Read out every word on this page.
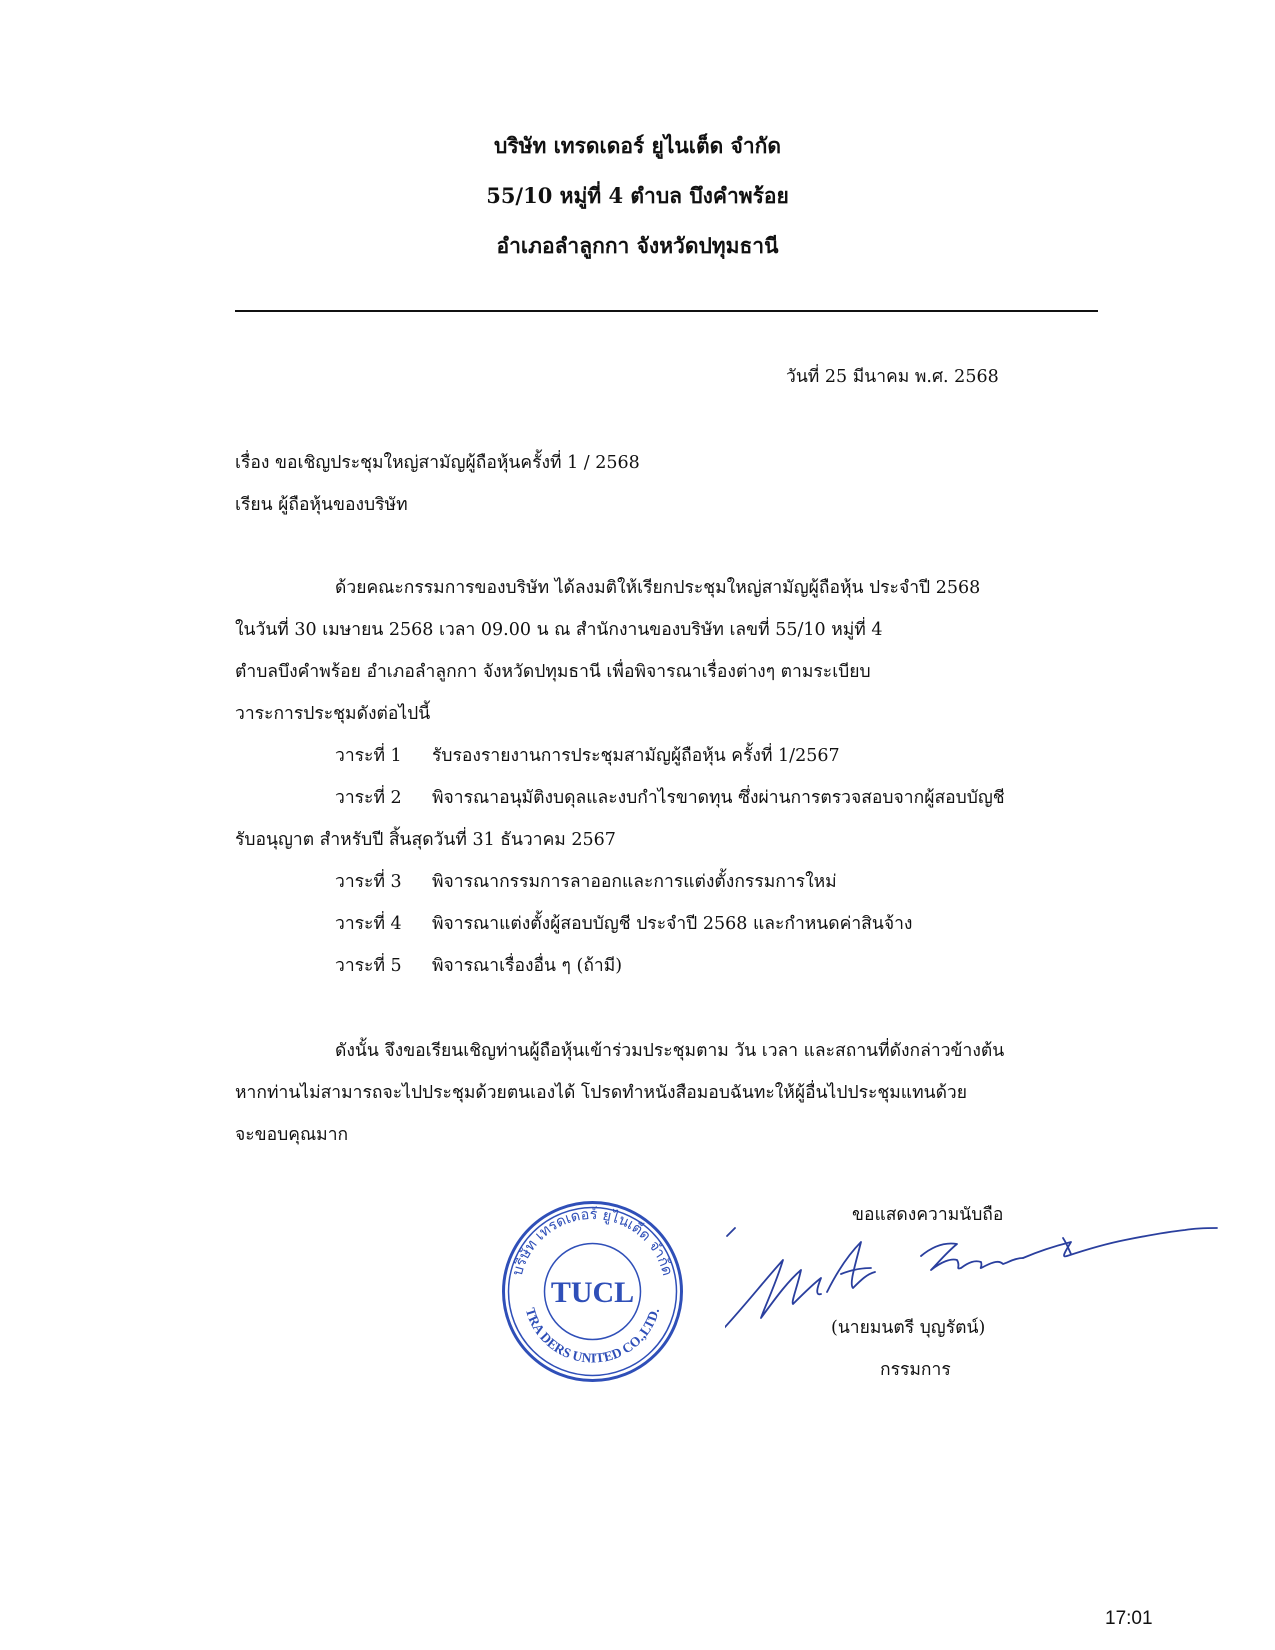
บริษัท เทรดเดอร์ ยูไนเต็ด จำกัด
55/10 หมู่ที่ 4 ตำบล บึงคำพร้อย
อำเภอลำลูกกา จังหวัดปทุมธานี
วันที่ 25 มีนาคม พ.ศ. 2568
เรื่อง ขอเชิญประชุมใหญ่สามัญผู้ถือหุ้นครั้งที่ 1 / 2568
เรียน ผู้ถือหุ้นของบริษัท
ด้วยคณะกรรมการของบริษัท ได้ลงมติให้เรียกประชุมใหญ่สามัญผู้ถือหุ้น ประจำปี 2568
ในวันที่ 30 เมษายน 2568 เวลา 09.00 น ณ สำนักงานของบริษัท เลขที่ 55/10 หมู่ที่ 4
ตำบลบึงคำพร้อย อำเภอลำลูกกา จังหวัดปทุมธานี เพื่อพิจารณาเรื่องต่างๆ ตามระเบียบ
วาระการประชุมดังต่อไปนี้
วาระที่ 1 รับรองรายงานการประชุมสามัญผู้ถือหุ้น ครั้งที่ 1/2567
วาระที่ 2 พิจารณาอนุมัติงบดุลและงบกำไรขาดทุน ซึ่งผ่านการตรวจสอบจากผู้สอบบัญชี
รับอนุญาต สำหรับปี สิ้นสุดวันที่ 31 ธันวาคม 2567
วาระที่ 3 พิจารณากรรมการลาออกและการแต่งตั้งกรรมการใหม่
วาระที่ 4 พิจารณาแต่งตั้งผู้สอบบัญชี ประจำปี 2568 และกำหนดค่าสินจ้าง
วาระที่ 5 พิจารณาเรื่องอื่น ๆ (ถ้ามี)
ดังนั้น จึงขอเรียนเชิญท่านผู้ถือหุ้นเข้าร่วมประชุมตาม วัน เวลา และสถานที่ดังกล่าวข้างต้น
หากท่านไม่สามารถจะไปประชุมด้วยตนเองได้ โปรดทำหนังสือมอบฉันทะให้ผู้อื่นไปประชุมแทนด้วย
จะขอบคุณมาก
ขอแสดงความนับถือ
บริษัท เทรดเดอร์ ยูไนเต็ด จำกัด
TRA DERS UNITED CO.,LTD.
TUCL
(นายมนตรี บุญรัตน์)
กรรมการ
17:01
